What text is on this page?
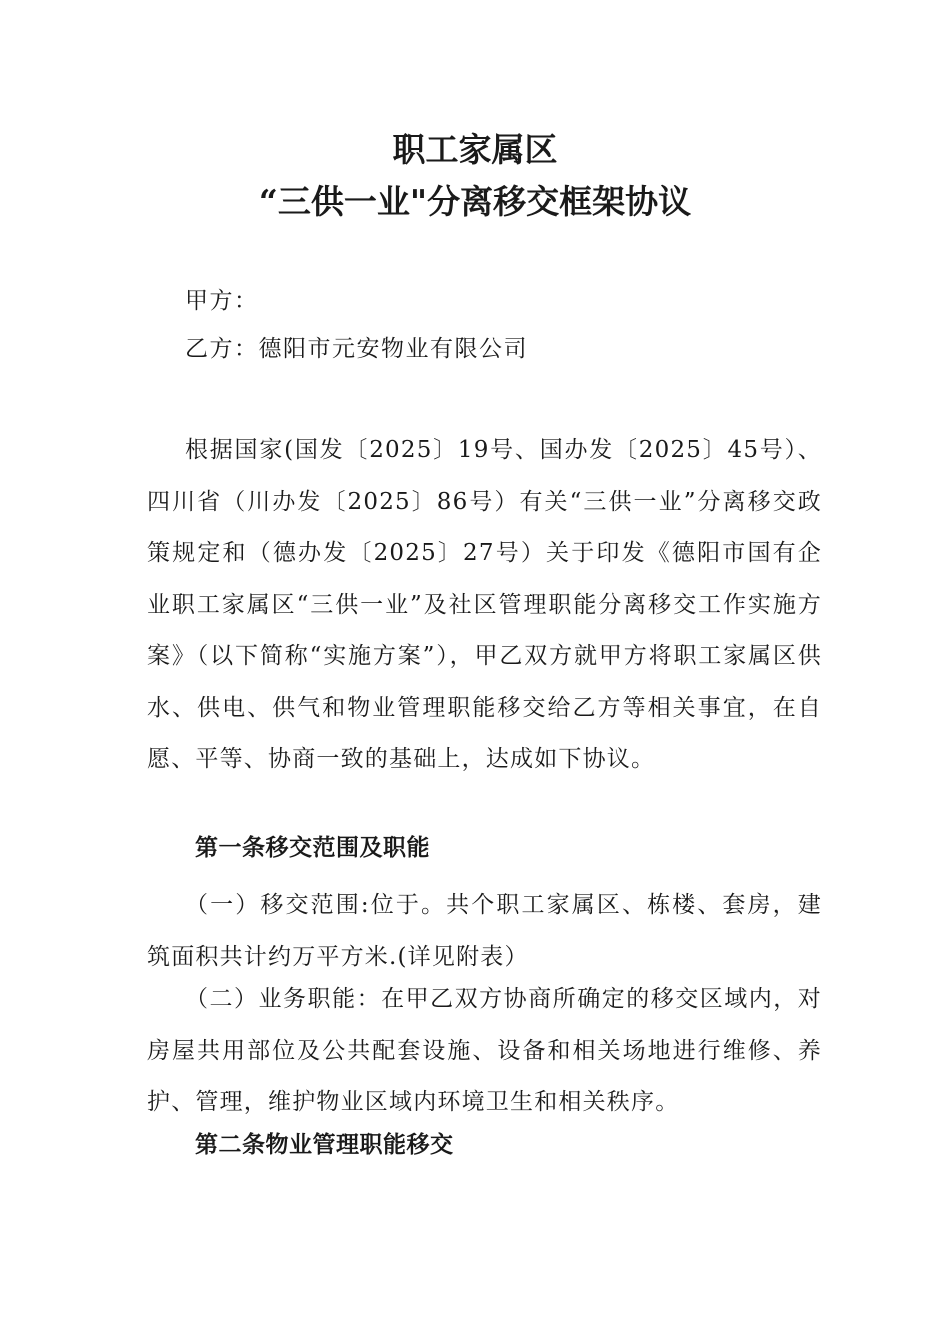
职工家属区
“三供一业"分离移交框架协议

甲方：

乙方：德阳市元安物业有限公司

根据国家(国发〔2025〕19号、国办发〔2025〕45号）、四川省（川办发〔2025〕86号）有关“三供一业”分离移交政策规定和（德办发〔2025〕27号）关于印发《德阳市国有企业职工家属区“三供一业”及社区管理职能分离移交工作实施方案》（以下简称“实施方案”），甲乙双方就甲方将职工家属区供水、供电、供气和物业管理职能移交给乙方等相关事宜，在自愿、平等、协商一致的基础上，达成如下协议。

第一条移交范围及职能

（一）移交范围:位于。共个职工家属区、栋楼、套房，建筑面积共计约万平方米.(详见附表）

（二）业务职能：在甲乙双方协商所确定的移交区域内，对房屋共用部位及公共配套设施、设备和相关场地进行维修、养护、管理，维护物业区域内环境卫生和相关秩序。

第二条物业管理职能移交
